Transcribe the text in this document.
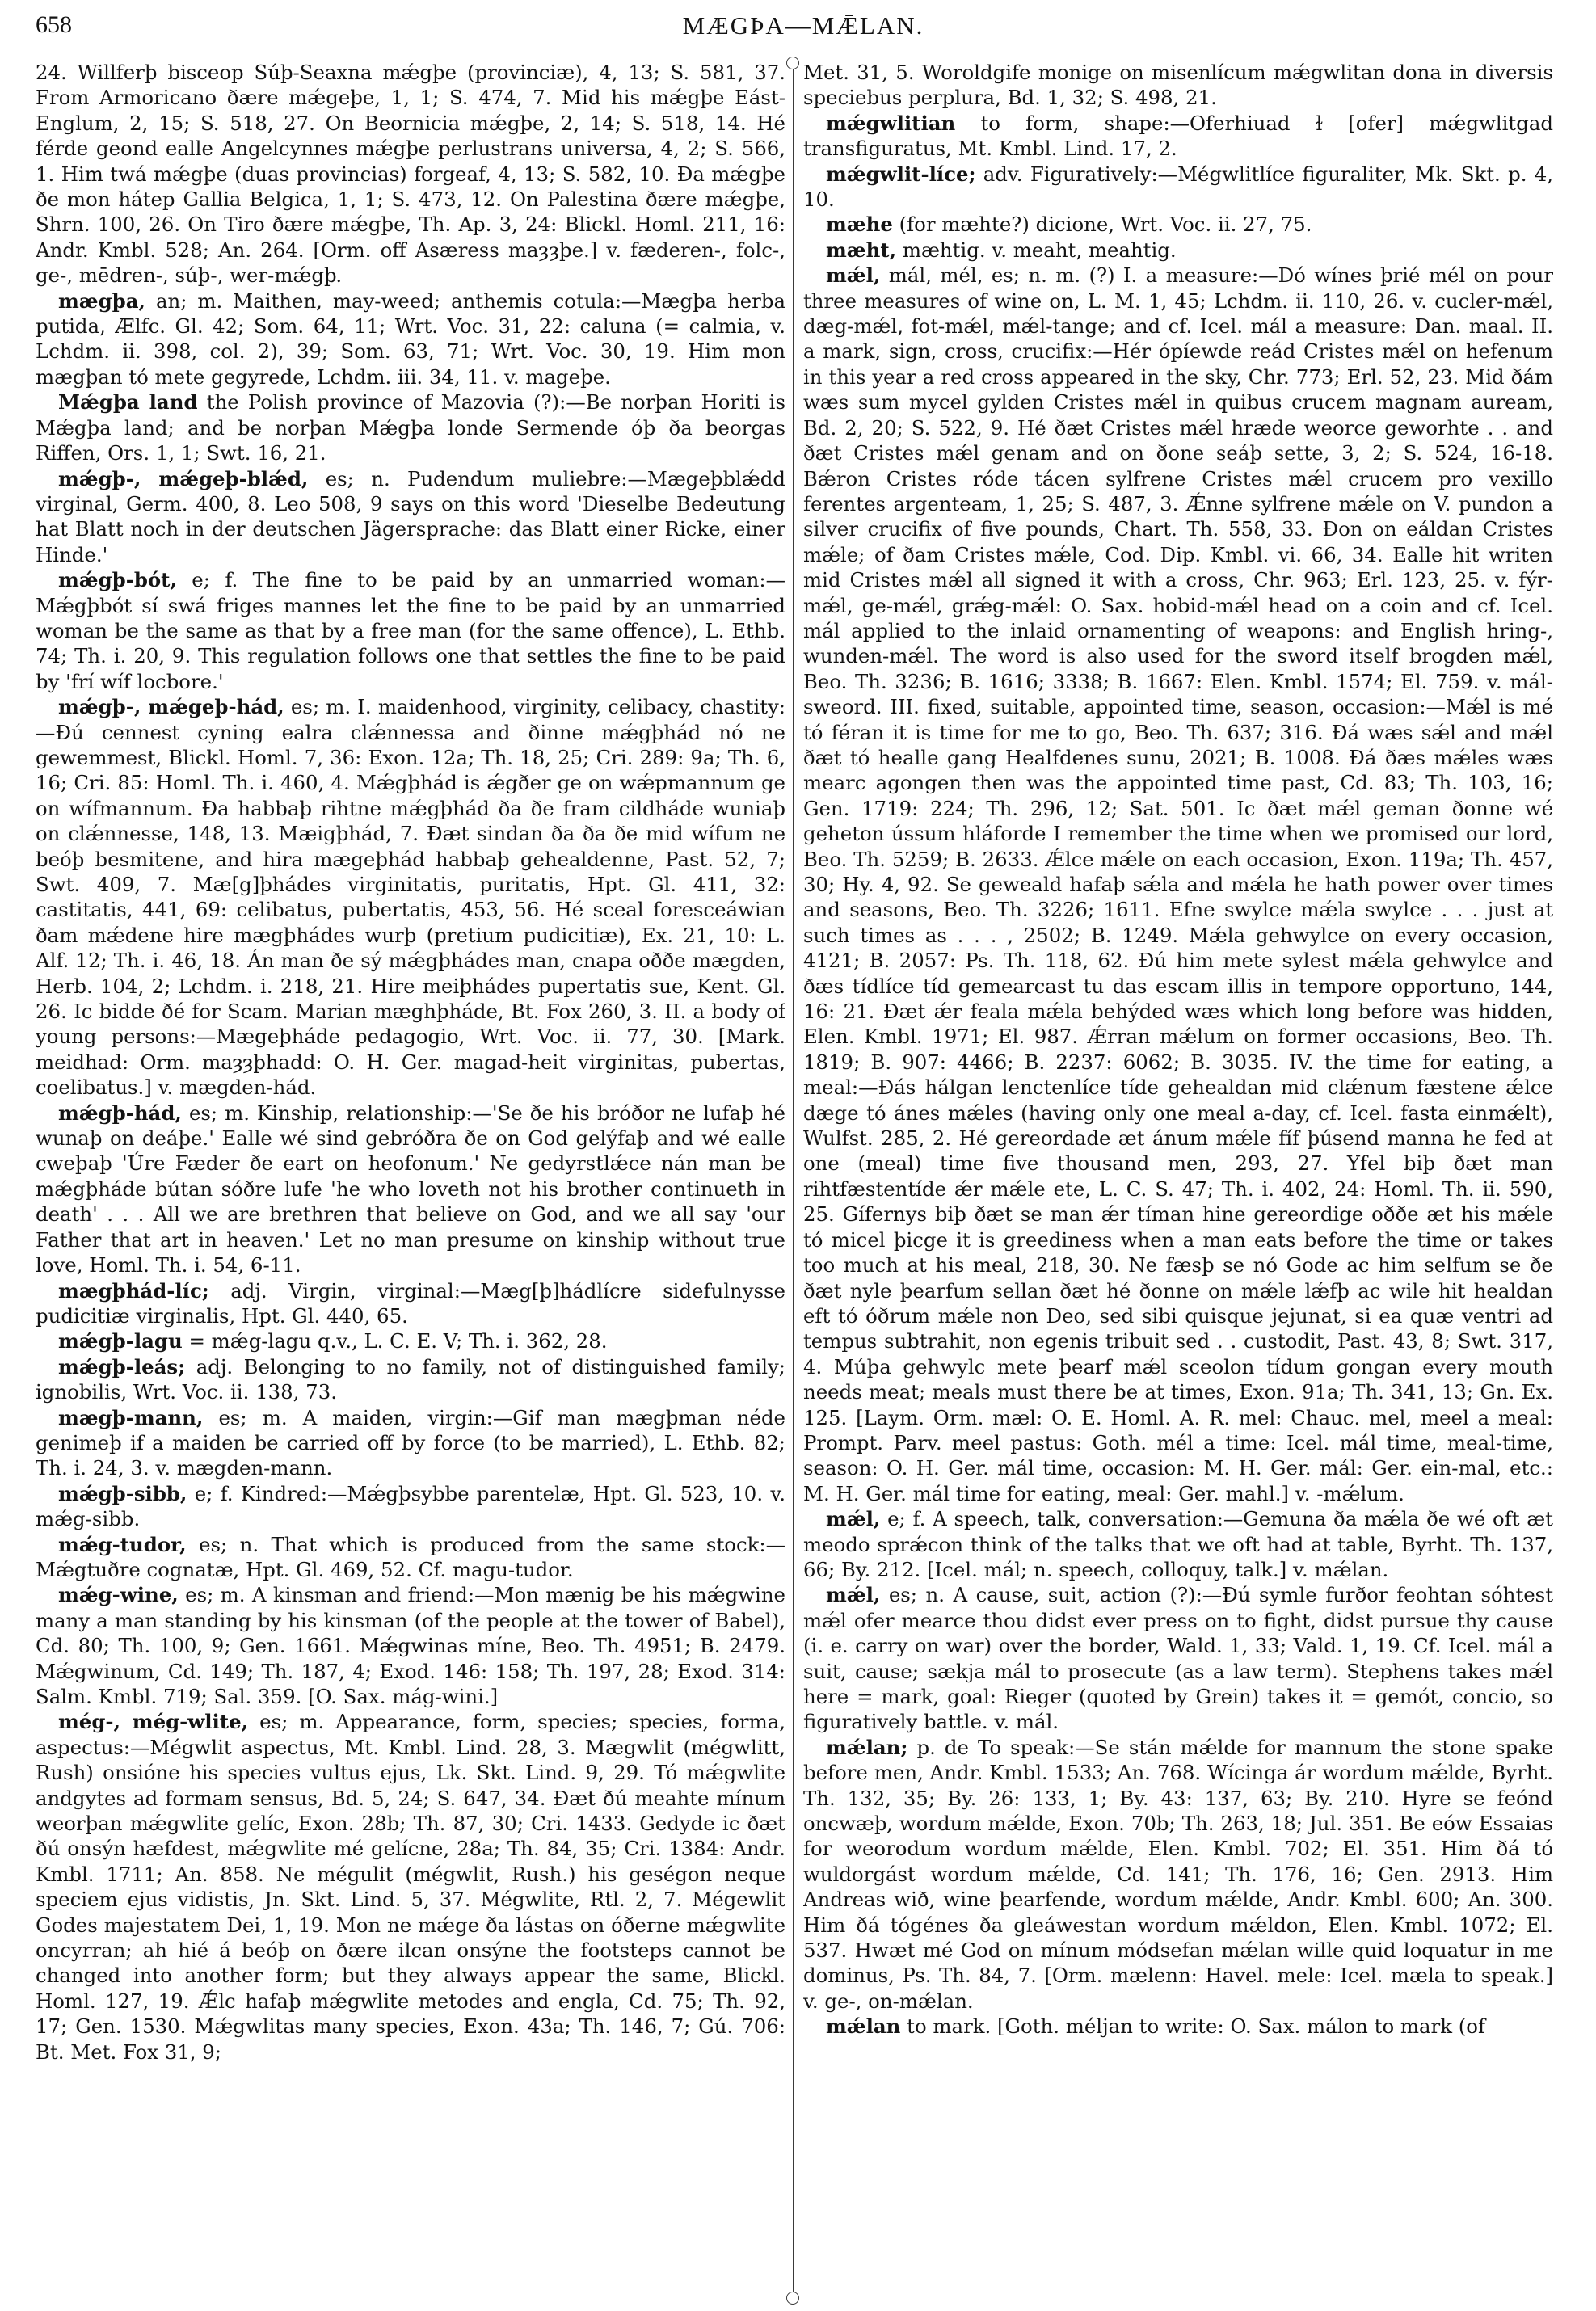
658	MÆGÞA—MǢLAN.

24. Willferþ bisceop Súþ-Seaxna mǽgþe (provinciæ), 4, 13; S. 581, 37. From Armoricano ðære mǽgeþe, 1, 1; S. 474, 7. Mid his mǽgþe Eást-Englum, 2, 15; S. 518, 27. On Beornicia mǽgþe, 2, 14; S. 518, 14. Hé férde geond ealle Angelcynnes mǽgþe perlustrans universa, 4, 2; S. 566, 1. Him twá mǽgþe (duas provincias) forgeaf, 4, 13; S. 582, 10. Ða mǽgþe ðe mon hátep Gallia Belgica, 1, 1; S. 473, 12. On Palestina ðære mǽgþe, Shrn. 100, 26. On Tiro ðære mǽgþe, Th. Ap. 3, 24: Blickl. Homl. 211, 16: Andr. Kmbl. 528; An. 264. [Orm. off Asæress maȝȝþe.] v. fæderen-, folc-, ge-, mēdren-, súþ-, wer-mǽgþ.

mægþa, an; m. Maithen, may-weed; anthemis cotula:—Mægþa herba putida, Ælfc. Gl. 42; Som. 64, 11; Wrt. Voc. 31, 22: caluna (= calmia, v. Lchdm. ii. 398, col. 2), 39; Som. 63, 71; Wrt. Voc. 30, 19. Him mon mægþan tó mete gegyrede, Lchdm. iii. 34, 11. v. mageþe.

Mǽgþa land the Polish province of Mazovia (?):—Be norþan Horiti is Mǽgþa land; and be norþan Mǽgþa londe Sermende óþ ða beorgas Riffen, Ors. 1, 1; Swt. 16, 21.

mǽgþ-, mǽgeþ-blǽd, es; n. Pudendum muliebre:—Mægeþblǽdd virginal, Germ. 400, 8. Leo 508, 9 says on this word 'Dieselbe Bedeutung hat Blatt noch in der deutschen Jägersprache: das Blatt einer Ricke, einer Hinde.'

mǽgþ-bót, e; f. The fine to be paid by an unmarried woman:—Mǽgþbót sí swá friges mannes let the fine to be paid by an unmarried woman be the same as that by a free man (for the same offence), L. Ethb. 74; Th. i. 20, 9. This regulation follows one that settles the fine to be paid by 'frí wíf locbore.'

mǽgþ-, mǽgeþ-hád, es; m. I. maidenhood, virginity, celibacy, chastity:—Ðú cennest cyning ealra clǽnnessa and ðinne mǽgþhád nó ne gewemmest, Blickl. Homl. 7, 36: Exon. 12a; Th. 18, 25; Cri. 289: 9a; Th. 6, 16; Cri. 85: Homl. Th. i. 460, 4. Mǽgþhád is ǽgðer ge on wǽpmannum ge on wífmannum. Ða habbaþ rihtne mǽgþhád ða ðe fram cildháde wuniaþ on clǽnnesse, 148, 13. Mæigþhád, 7. Ðæt sindan ða ða ðe mid wífum ne beóþ besmitene, and hira mægeþhád habbaþ gehealdenne, Past. 52, 7; Swt. 409, 7. Mæ[g]þhádes virginitatis, puritatis, Hpt. Gl. 411, 32: castitatis, 441, 69: celibatus, pubertatis, 453, 56. Hé sceal foresceáwian ðam mǽdene hire mægþhádes wurþ (pretium pudicitiæ), Ex. 21, 10: L. Alf. 12; Th. i. 46, 18. Án man ðe sý mǽgþhádes man, cnapa oððe mægden, Herb. 104, 2; Lchdm. i. 218, 21. Hire meiþhádes pupertatis sue, Kent. Gl. 26. Ic bidde ðé for Scam. Marian mæghþháde, Bt. Fox 260, 3. II. a body of young persons:—Mægeþháde pedagogio, Wrt. Voc. ii. 77, 30. [Mark. meidhad: Orm. maȝȝþhadd: O. H. Ger. magad-heit virginitas, pubertas, coelibatus.] v. mægden-hád.

mǽgþ-hád, es; m. Kinship, relationship:—'Se ðe his bróðor ne lufaþ hé wunaþ on deáþe.' Ealle wé sind gebróðra ðe on God gelýfaþ and wé ealle cweþaþ 'Úre Fæder ðe eart on heofonum.' Ne gedyrstlǽce nán man be mǽgþháde bútan sóðre lufe 'he who loveth not his brother continueth in death' . . . All we are brethren that believe on God, and we all say 'our Father that art in heaven.' Let no man presume on kinship without true love, Homl. Th. i. 54, 6-11.

mægþhád-líc; adj. Virgin, virginal:—Mæg[þ]hádlícre sidefulnysse pudicitiæ virginalis, Hpt. Gl. 440, 65.

mǽgþ-lagu = mǽg-lagu q.v., L. C. E. V; Th. i. 362, 28.

mǽgþ-leás; adj. Belonging to no family, not of distinguished family; ignobilis, Wrt. Voc. ii. 138, 73.

mægþ-mann, es; m. A maiden, virgin:—Gif man mægþman néde genimeþ if a maiden be carried off by force (to be married), L. Ethb. 82; Th. i. 24, 3. v. mægden-mann.

mǽgþ-sibb, e; f. Kindred:—Mǽgþsybbe parentelæ, Hpt. Gl. 523, 10. v. mǽg-sibb.

mǽg-tudor, es; n. That which is produced from the same stock:—Mǽgtuðre cognatæ, Hpt. Gl. 469, 52. Cf. magu-tudor.

mǽg-wine, es; m. A kinsman and friend:—Mon mænig be his mǽgwine many a man standing by his kinsman (of the people at the tower of Babel), Cd. 80; Th. 100, 9; Gen. 1661. Mǽgwinas míne, Beo. Th. 4951; B. 2479. Mǽgwinum, Cd. 149; Th. 187, 4; Exod. 146: 158; Th. 197, 28; Exod. 314: Salm. Kmbl. 719; Sal. 359. [O. Sax. mág-wini.]

még-, még-wlite, es; m. Appearance, form, species; species, forma, aspectus:—Mégwlit aspectus, Mt. Kmbl. Lind. 28, 3. Mægwlit (mégwlitt, Rush) onsióne his species vultus ejus, Lk. Skt. Lind. 9, 29. Tó mǽgwlite andgytes ad formam sensus, Bd. 5, 24; S. 647, 34. Ðæt ðú meahte mínum weorþan mǽgwlite gelíc, Exon. 28b; Th. 87, 30; Cri. 1433. Gedyde ic ðæt ðú onsýn hæfdest, mǽgwlite mé gelícne, 28a; Th. 84, 35; Cri. 1384: Andr. Kmbl. 1711; An. 858. Ne mégulit (mégwlit, Rush.) his geségon neque speciem ejus vidistis, Jn. Skt. Lind. 5, 37. Mégwlite, Rtl. 2, 7. Mégewlit Godes majestatem Dei, 1, 19. Mon ne mǽge ða lástas on óðerne mǽgwlite oncyrran; ah hié á beóþ on ðære ilcan onsýne the footsteps cannot be changed into another form; but they always appear the same, Blickl. Homl. 127, 19. Ǽlc hafaþ mǽgwlite metodes and engla, Cd. 75; Th. 92, 17; Gen. 1530. Mǽgwlitas many species, Exon. 43a; Th. 146, 7; Gú. 706: Bt. Met. Fox 31, 9;

Met. 31, 5. Woroldgife monige on misenlícum mǽgwlitan dona in diversis speciebus perplura, Bd. 1, 32; S. 498, 21.

mǽgwlitian to form, shape:—Oferhiuad ɫ [ofer] mǽgwlitgad transfiguratus, Mt. Kmbl. Lind. 17, 2.

mǽgwlit-líce; adv. Figuratively:—Mégwlitlíce figuraliter, Mk. Skt. p. 4, 10.

mæhe (for mæhte?) dicione, Wrt. Voc. ii. 27, 75.

mæht, mæhtig. v. meaht, meahtig.

mǽl, mál, mél, es; n. m. (?) I. a measure:—Dó wínes þrié mél on pour three measures of wine on, L. M. 1, 45; Lchdm. ii. 110, 26. v. cucler-mǽl, dæg-mǽl, fot-mǽl, mǽl-tange; and cf. Icel. mál a measure: Dan. maal. II. a mark, sign, cross, crucifix:—Hér ópíewde reád Cristes mǽl on hefenum in this year a red cross appeared in the sky, Chr. 773; Erl. 52, 23. Mid ðám wæs sum mycel gylden Cristes mǽl in quibus crucem magnam auream, Bd. 2, 20; S. 522, 9. Hé ðæt Cristes mǽl hræde weorce geworhte . . and ðæt Cristes mǽl genam and on ðone seáþ sette, 3, 2; S. 524, 16-18. Bǽron Cristes róde tácen sylfrene Cristes mǽl crucem pro vexillo ferentes argenteam, 1, 25; S. 487, 3. Ǽnne sylfrene mǽle on V. pundon a silver crucifix of five pounds, Chart. Th. 558, 33. Ðon on eáldan Cristes mǽle; of ðam Cristes mǽle, Cod. Dip. Kmbl. vi. 66, 34. Ealle hit writen mid Cristes mǽl all signed it with a cross, Chr. 963; Erl. 123, 25. v. fýr-mǽl, ge-mǽl, grǽg-mǽl: O. Sax. hobid-mǽl head on a coin and cf. Icel. mál applied to the inlaid ornamenting of weapons: and English hring-, wunden-mǽl. The word is also used for the sword itself brogden mǽl, Beo. Th. 3236; B. 1616; 3338; B. 1667: Elen. Kmbl. 1574; El. 759. v. mál-sweord. III. fixed, suitable, appointed time, season, occasion:—Mǽl is mé tó féran it is time for me to go, Beo. Th. 637; 316. Ðá wæs sǽl and mǽl ðæt tó healle gang Healfdenes sunu, 2021; B. 1008. Ðá ðæs mǽles wæs mearc agongen then was the appointed time past, Cd. 83; Th. 103, 16; Gen. 1719: 224; Th. 296, 12; Sat. 501. Ic ðæt mǽl geman ðonne wé geheton ússum hláforde I remember the time when we promised our lord, Beo. Th. 5259; B. 2633. Ǽlce mǽle on each occasion, Exon. 119a; Th. 457, 30; Hy. 4, 92. Se geweald hafaþ sǽla and mǽla he hath power over times and seasons, Beo. Th. 3226; 1611. Efne swylce mǽla swylce . . . just at such times as . . . , 2502; B. 1249. Mǽla gehwylce on every occasion, 4121; B. 2057: Ps. Th. 118, 62. Ðú him mete sylest mǽla gehwylce and ðæs tídlíce tíd gemearcast tu das escam illis in tempore opportuno, 144, 16: 21. Ðæt ǽr feala mǽla behýded wæs which long before was hidden, Elen. Kmbl. 1971; El. 987. Ǽrran mǽlum on former occasions, Beo. Th. 1819; B. 907: 4466; B. 2237: 6062; B. 3035. IV. the time for eating, a meal:—Ðás hálgan lenctenlíce tíde gehealdan mid clǽnum fæstene ǽlce dæge tó ánes mǽles (having only one meal a-day, cf. Icel. fasta einmǽlt), Wulfst. 285, 2. Hé gereordade æt ánum mǽle fíf þúsend manna he fed at one (meal) time five thousand men, 293, 27. Yfel biþ ðæt man rihtfæstentíde ǽr mǽle ete, L. C. S. 47; Th. i. 402, 24: Homl. Th. ii. 590, 25. Gífernys biþ ðæt se man ǽr tíman hine gereordige oððe æt his mǽle tó micel þicge it is greediness when a man eats before the time or takes too much at his meal, 218, 30. Ne fæsþ se nó Gode ac him selfum se ðe ðæt nyle þearfum sellan ðæt hé ðonne on mǽle lǽfþ ac wile hit healdan eft tó óðrum mǽle non Deo, sed sibi quisque jejunat, si ea quæ ventri ad tempus subtrahit, non egenis tribuit sed . . custodit, Past. 43, 8; Swt. 317, 4. Múþa gehwylc mete þearf mǽl sceolon tídum gongan every mouth needs meat; meals must there be at times, Exon. 91a; Th. 341, 13; Gn. Ex. 125. [Laym. Orm. mæl: O. E. Homl. A. R. mel: Chauc. mel, meel a meal: Prompt. Parv. meel pastus: Goth. mél a time: Icel. mál time, meal-time, season: O. H. Ger. mál time, occasion: M. H. Ger. mál: Ger. ein-mal, etc.: M. H. Ger. mál time for eating, meal: Ger. mahl.] v. -mǽlum.

mǽl, e; f. A speech, talk, conversation:—Gemuna ða mǽla ðe wé oft æt meodo sprǽcon think of the talks that we oft had at table, Byrht. Th. 137, 66; By. 212. [Icel. mál; n. speech, colloquy, talk.] v. mǽlan.

mǽl, es; n. A cause, suit, action (?):—Ðú symle furðor feohtan sóhtest mǽl ofer mearce thou didst ever press on to fight, didst pursue thy cause (i. e. carry on war) over the border, Wald. 1, 33; Vald. 1, 19. Cf. Icel. mál a suit, cause; sækja mál to prosecute (as a law term). Stephens takes mǽl here = mark, goal: Rieger (quoted by Grein) takes it = gemót, concio, so figuratively battle. v. mál.

mǽlan; p. de To speak:—Se stán mǽlde for mannum the stone spake before men, Andr. Kmbl. 1533; An. 768. Wícinga ár wordum mǽlde, Byrht. Th. 132, 35; By. 26: 133, 1; By. 43: 137, 63; By. 210. Hyre se feónd oncwæþ, wordum mǽlde, Exon. 70b; Th. 263, 18; Jul. 351. Be eów Essaias for weorodum wordum mǽlde, Elen. Kmbl. 702; El. 351. Him ðá tó wuldorgást wordum mǽlde, Cd. 141; Th. 176, 16; Gen. 2913. Him Andreas wið, wine þearfende, wordum mǽlde, Andr. Kmbl. 600; An. 300. Him ðá tógénes ða gleáwestan wordum mǽldon, Elen. Kmbl. 1072; El. 537. Hwæt mé God on mínum módsefan mǽlan wille quid loquatur in me dominus, Ps. Th. 84, 7. [Orm. mælenn: Havel. mele: Icel. mæla to speak.] v. ge-, on-mǽlan.

mǽlan to mark. [Goth. méljan to write: O. Sax. málon to mark (of
